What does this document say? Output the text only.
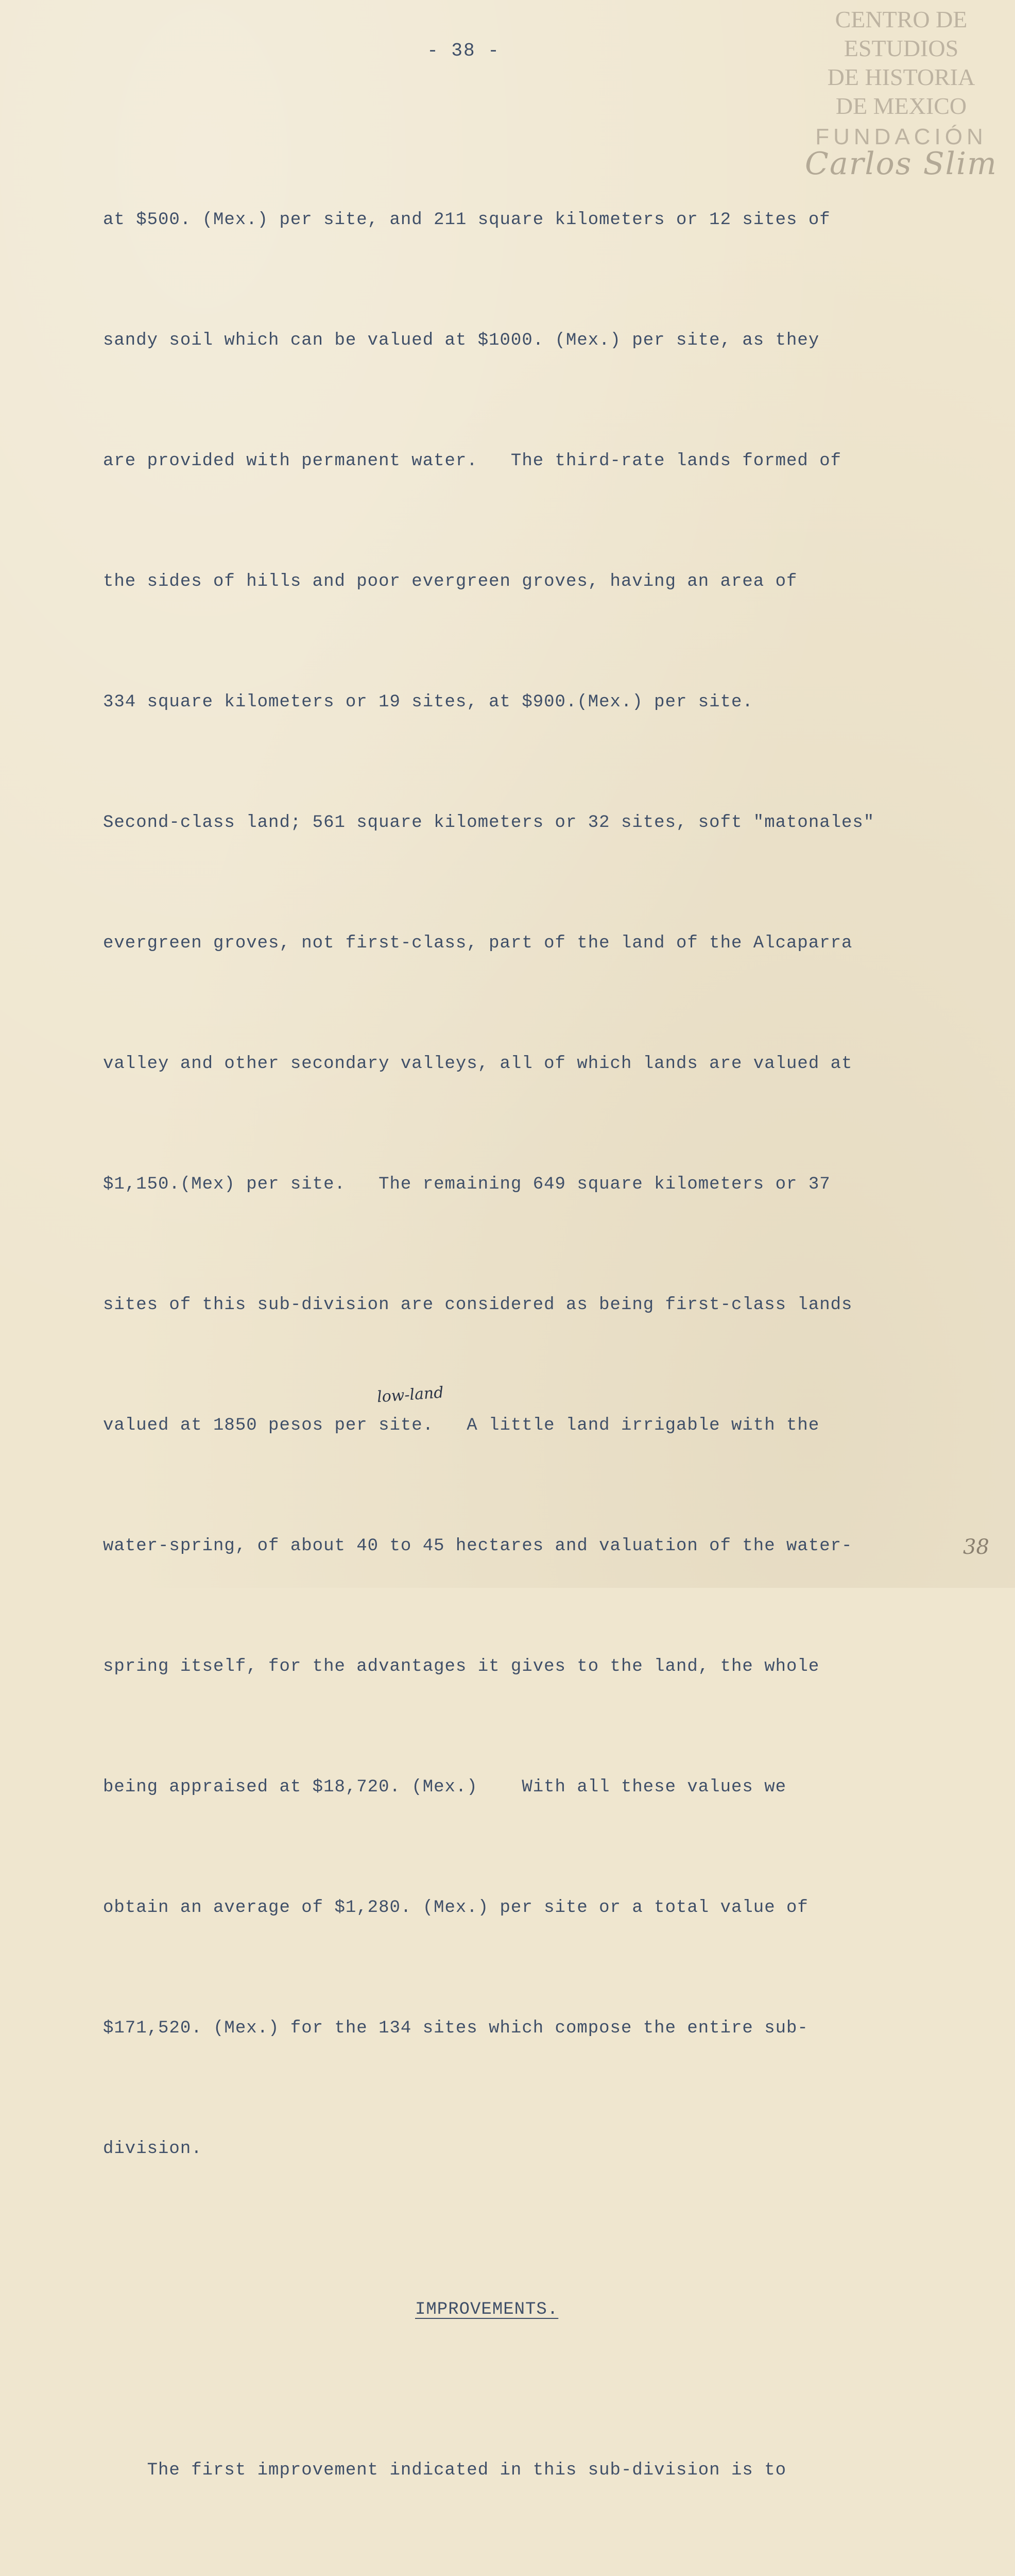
CENTRO DE
ESTUDIOS
DE HISTORIA
DE MEXICO
FUNDACIÓN
Carlos Slim
- 38 -

at $500. (Mex.) per site, and 211 square kilometers or 12 sites of

sandy soil which can be valued at $1000. (Mex.) per site, as they

are provided with permanent water.   The third-rate lands formed of

the sides of hills and poor evergreen groves, having an area of

334 square kilometers or 19 sites, at $900.(Mex.) per site.

Second-class land; 561 square kilometers or 32 sites, soft "matonales"

evergreen groves, not first-class, part of the land of the Alcaparra

valley and other secondary valleys, all of which lands are valued at

$1,150.(Mex) per site.   The remaining 649 square kilometers or 37

sites of this sub-division are considered as being first-class lands

valued at 1850 pesos per site.   A little land irrigable with the

water-spring, of about 40 to 45 hectares and valuation of the water-

spring itself, for the advantages it gives to the land, the whole

being appraised at $18,720. (Mex.)    With all these values we

obtain an average of $1,280. (Mex.) per site or a total value of

$171,520. (Mex.) for the 134 sites which compose the entire sub-

division.

IMPROVEMENTS.

The first improvement indicated in this sub-division is to

low-land
38
